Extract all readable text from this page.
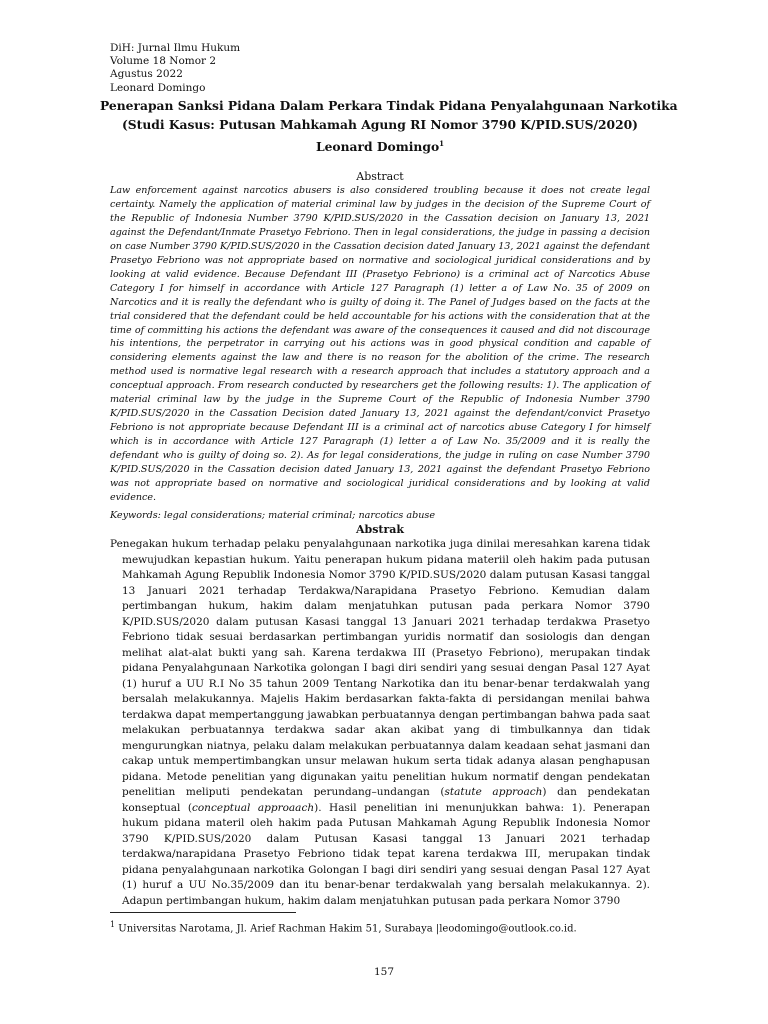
DiH: Jurnal Ilmu Hukum
Volume 18 Nomor 2
Agustus 2022
Leonard Domingo
Penerapan Sanksi Pidana Dalam Perkara Tindak Pidana Penyalahgunaan Narkotika
(Studi Kasus: Putusan Mahkamah Agung RI Nomor 3790 K/PID.SUS/2020)
Leonard Domingo$^1$
Abstract

Law enforcement against narcotics abusers is also considered troubling because it does not create legal certainty. Namely the application of material criminal law by judges in the decision of the Supreme Court of the Republic of Indonesia Number 3790 K/PID.SUS/2020 in the Cassation decision on January 13, 2021 against the Defendant/Inmate Prasetyo Febriono. Then in legal considerations, the judge in passing a decision on case Number 3790 K/PID.SUS/2020 in the Cassation decision dated January 13, 2021 against the defendant Prasetyo Febriono was not appropriate based on normative and sociological juridical considerations and by looking at valid evidence. Because Defendant III (Prasetyo Febriono) is a criminal act of Narcotics Abuse Category I for himself in accordance with Article 127 Paragraph (1) letter a of Law No. 35 of 2009 on Narcotics and it is really the defendant who is guilty of doing it. The Panel of Judges based on the facts at the trial considered that the defendant could be held accountable for his actions with the consideration that at the time of committing his actions the defendant was aware of the consequences it caused and did not discourage his intentions, the perpetrator in carrying out his actions was in good physical condition and capable of considering elements against the law and there is no reason for the abolition of the crime. The research method used is normative legal research with a research approach that includes a statutory approach and a conceptual approach. From research conducted by researchers get the following results: 1). The application of material criminal law by the judge in the Supreme Court of the Republic of Indonesia Number 3790 K/PID.SUS/2020 in the Cassation Decision dated January 13, 2021 against the defendant/convict Prasetyo Febriono is not appropriate because Defendant III is a criminal act of narcotics abuse Category I for himself which is in accordance with Article 127 Paragraph (1) letter a of Law No. 35/2009 and it is really the defendant who is guilty of doing so. 2). As for legal considerations, the judge in ruling on case Number 3790 K/PID.SUS/2020 in the Cassation decision dated January 13, 2021 against the defendant Prasetyo Febriono was not appropriate based on normative and sociological juridical considerations and by looking at valid evidence.

Keywords: legal considerations; material criminal; narcotics abuse
Abstrak

Penegakan hukum terhadap pelaku penyalahgunaan narkotika juga dinilai meresahkan karena tidak mewujudkan kepastian hukum. Yaitu penerapan hukum pidana materiil oleh hakim pada putusan Mahkamah Agung Republik Indonesia Nomor 3790 K/PID.SUS/2020 dalam putusan Kasasi tanggal 13 Januari 2021 terhadap Terdakwa/Narapidana Prasetyo Febriono. Kemudian dalam pertimbangan hukum, hakim dalam menjatuhkan putusan pada perkara Nomor 3790 K/PID.SUS/2020 dalam putusan Kasasi tanggal 13 Januari 2021 terhadap terdakwa Prasetyo Febriono tidak sesuai berdasarkan pertimbangan yuridis normatif dan sosiologis dan dengan melihat alat-alat bukti yang sah. Karena terdakwa III (Prasetyo Febriono), merupakan tindak pidana Penyalahgunaan Narkotika golongan I bagi diri sendiri yang sesuai dengan Pasal 127 Ayat (1) huruf a UU R.I No 35 tahun 2009 Tentang Narkotika dan itu benar-benar terdakwalah yang bersalah melakukannya. Majelis Hakim berdasarkan fakta-fakta di persidangan menilai bahwa terdakwa dapat mempertanggung jawabkan perbuatannya dengan pertimbangan bahwa pada saat melakukan perbuatannya terdakwa sadar akan akibat yang di timbulkannya dan tidak mengurungkan niatnya, pelaku dalam melakukan perbuatannya dalam keadaan sehat jasmani dan cakap untuk mempertimbangkan unsur melawan hukum serta tidak adanya alasan penghapusan pidana. Metode penelitian yang digunakan yaitu penelitian hukum normatif dengan pendekatan penelitian meliputi pendekatan perundang–undangan (statute approach) dan pendekatan konseptual (conceptual approaach). Hasil penelitian ini menunjukkan bahwa: 1). Penerapan hukum pidana materil oleh hakim pada Putusan Mahkamah Agung Republik Indonesia Nomor 3790 K/PID.SUS/2020 dalam Putusan Kasasi tanggal 13 Januari 2021 terhadap terdakwa/narapidana Prasetyo Febriono tidak tepat karena terdakwa III, merupakan tindak pidana penyalahgunaan narkotika Golongan I bagi diri sendiri yang sesuai dengan Pasal 127 Ayat (1) huruf a UU No.35/2009 dan itu benar-benar terdakwalah yang bersalah melakukannya. 2). Adapun pertimbangan hukum, hakim dalam menjatuhkan putusan pada perkara Nomor 3790

$^1$ Universitas Narotama, Jl. Arief Rachman Hakim 51, Surabaya |leodomingo@outlook.co.id.
157
